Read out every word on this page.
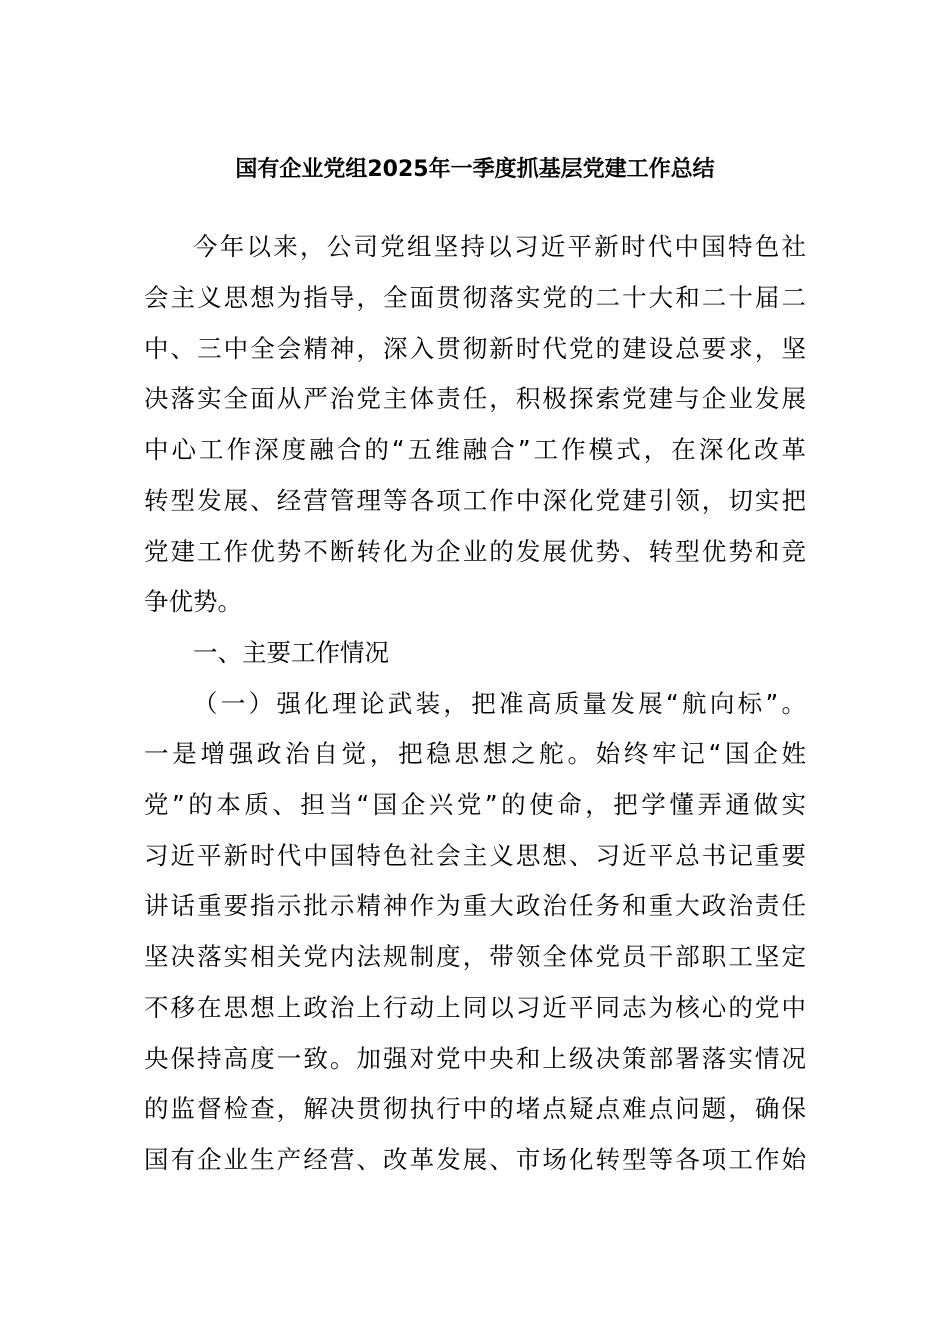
国有企业党组2025年一季度抓基层党建工作总结
今年以来，公司党组坚持以习近平新时代中国特色社
会主义思想为指导，全面贯彻落实党的二十大和二十届二
中、三中全会精神，深入贯彻新时代党的建设总要求，坚
决落实全面从严治党主体责任，积极探索党建与企业发展
中心工作深度融合的“五维融合”工作模式，在深化改革
转型发展、经营管理等各项工作中深化党建引领，切实把
党建工作优势不断转化为企业的发展优势、转型优势和竞
争优势。
一、主要工作情况
（一）强化理论武装，把准高质量发展“航向标”。
一是增强政治自觉，把稳思想之舵。始终牢记“国企姓
党”的本质、担当“国企兴党”的使命，把学懂弄通做实
习近平新时代中国特色社会主义思想、习近平总书记重要
讲话重要指示批示精神作为重大政治任务和重大政治责任
坚决落实相关党内法规制度，带领全体党员干部职工坚定
不移在思想上政治上行动上同以习近平同志为核心的党中
央保持高度一致。加强对党中央和上级决策部署落实情况
的监督检查，解决贯彻执行中的堵点疑点难点问题，确保
国有企业生产经营、改革发展、市场化转型等各项工作始
